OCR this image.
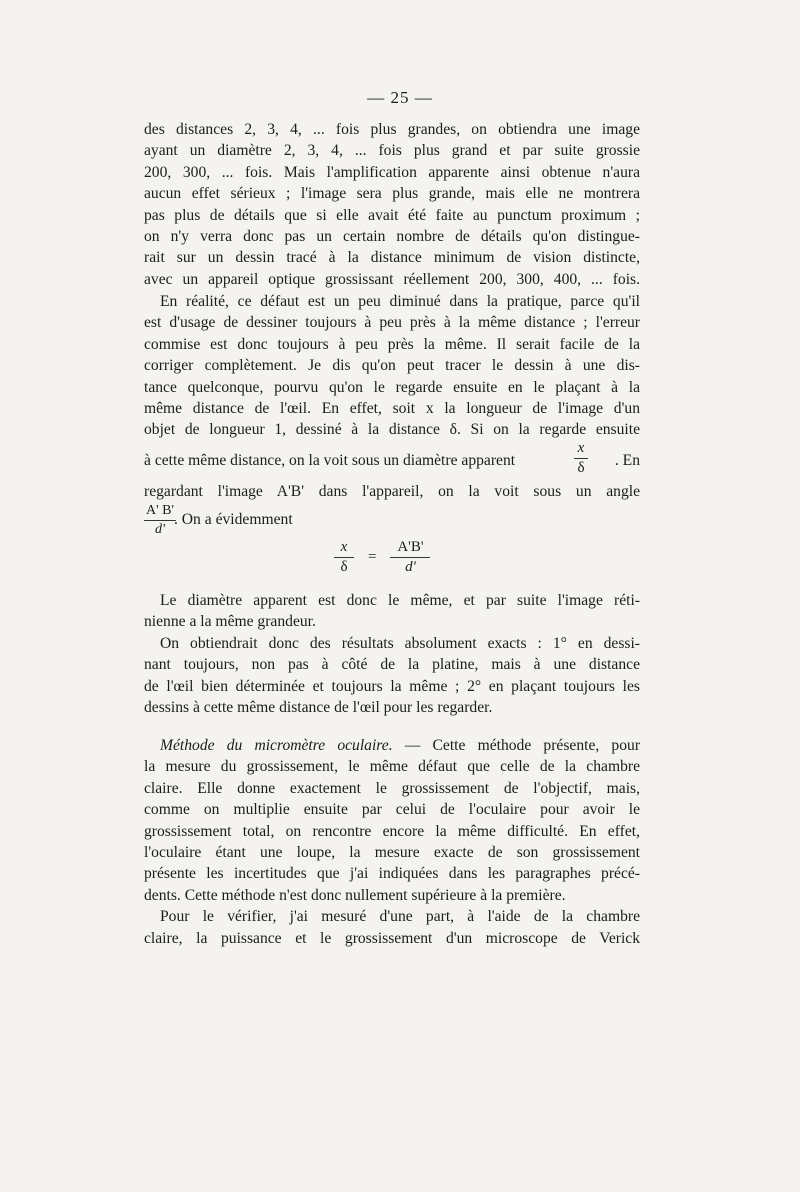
— 25 —

des distances 2, 3, 4, ... fois plus grandes, on obtiendra une image

ayant un diamètre 2, 3, 4, ... fois plus grand et par suite grossie

200, 300, ... fois. Mais l'amplification apparente ainsi obtenue n'aura

aucun effet sérieux ; l'image sera plus grande, mais elle ne montrera

pas plus de détails que si elle avait été faite au punctum proximum ;

on n'y verra donc pas un certain nombre de détails qu'on distingue-

rait sur un dessin tracé à la distance minimum de vision distincte,

avec un appareil optique grossissant réellement 200, 300, 400, ... fois.

En réalité, ce défaut est un peu diminué dans la pratique, parce qu'il

est d'usage de dessiner toujours à peu près à la même distance ; l'erreur

commise est donc toujours à peu près la même. Il serait facile de la

corriger complètement. Je dis qu'on peut tracer le dessin à une dis-

tance quelconque, pourvu qu'on le regarde ensuite en le plaçant à la

même distance de l'œil. En effet, soit x la longueur de l'image d'un

objet de longueur 1, dessiné à la distance δ. Si on la regarde ensuite

à cette même distance, on la voit sous un diamètre apparent
x
δ . En

regardant l'image A'B' dans l'appareil, on la voit sous un angle

A' B'
d'
. On a évidemment
x
δ
=
A'B'
d'

Le diamètre apparent est donc le même, et par suite l'image réti-

nienne a la même grandeur.

On obtiendrait donc des résultats absolument exacts : 1° en dessi-

nant toujours, non pas à côté de la platine, mais à une distance

de l'œil bien déterminée et toujours la même ; 2° en plaçant toujours les

dessins à cette même distance de l'œil pour les regarder.

Méthode du micromètre oculaire. — Cette méthode présente, pour

la mesure du grossissement, le même défaut que celle de la chambre

claire. Elle donne exactement le grossissement de l'objectif, mais,

comme on multiplie ensuite par celui de l'oculaire pour avoir le

grossissement total, on rencontre encore la même difficulté. En effet,

l'oculaire étant une loupe, la mesure exacte de son grossissement

présente les incertitudes que j'ai indiquées dans les paragraphes précé-

dents. Cette méthode n'est donc nullement supérieure à la première.

Pour le vérifier, j'ai mesuré d'une part, à l'aide de la chambre

claire, la puissance et le grossissement d'un microscope de Verick
